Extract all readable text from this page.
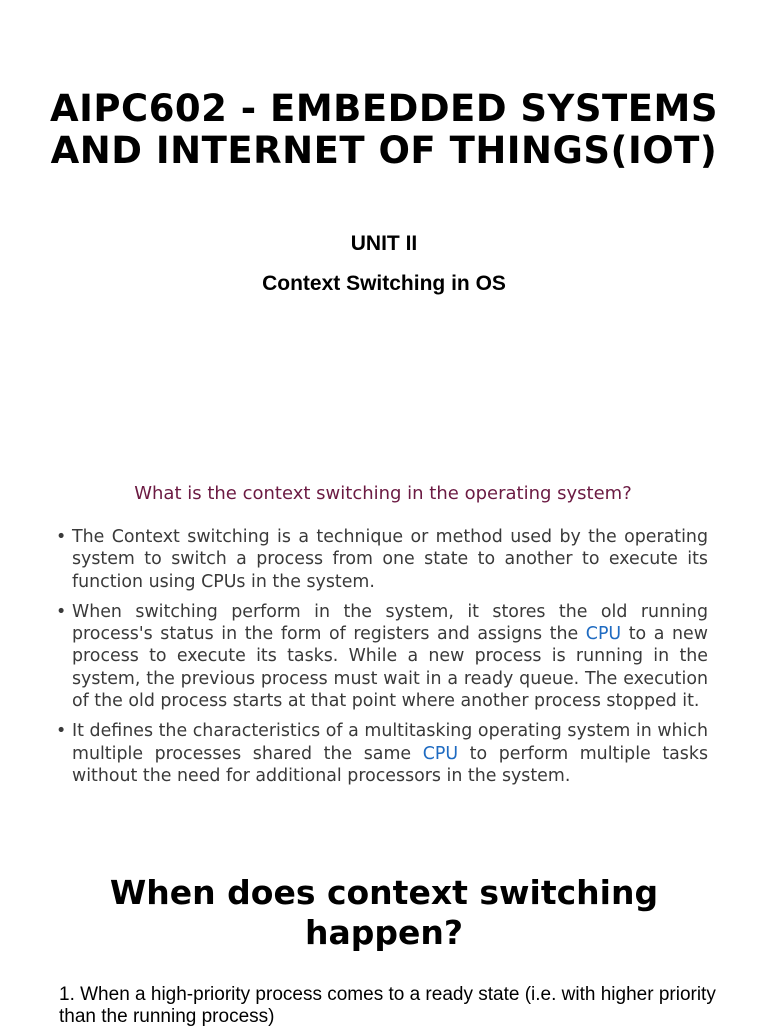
AIPC602 - EMBEDDED SYSTEMS AND INTERNET OF THINGS(IOT)
UNIT II
Context Switching in OS

What is the context switching in the operating system?

• The Context switching is a technique or method used by the operating system to switch a process from one state to another to execute its function using CPUs in the system.
• When switching perform in the system, it stores the old running process's status in the form of registers and assigns the CPU to a new process to execute its tasks. While a new process is running in the system, the previous process must wait in a ready queue. The execution of the old process starts at that point where another process stopped it.
• It defines the characteristics of a multitasking operating system in which multiple processes shared the same CPU to perform multiple tasks without the need for additional processors in the system.
When does context switching happen?

1. When a high-priority process comes to a ready state (i.e. with higher priority than the running process)
